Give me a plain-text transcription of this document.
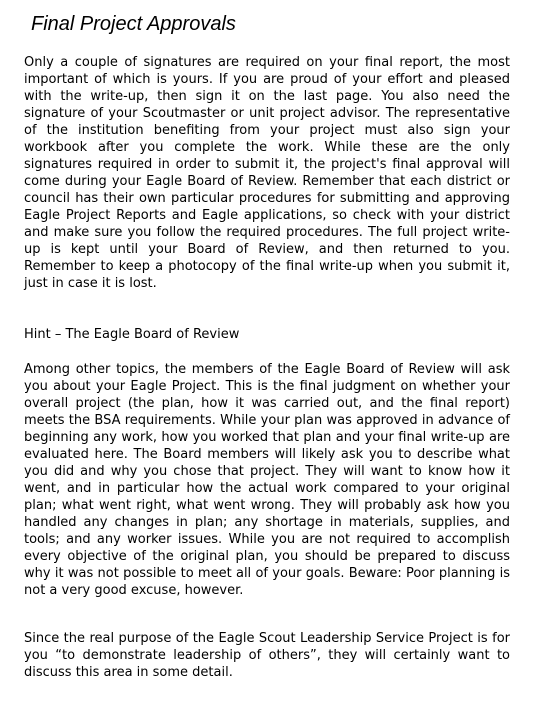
Final Project Approvals

Only a couple of signatures are required on your final report, the most important of which is yours. If you are proud of your effort and pleased with the write-up, then sign it on the last page. You also need the signature of your Scoutmaster or unit project advisor. The representative of the institution benefiting from your project must also sign your workbook after you complete the work. While these are the only signatures required in order to submit it, the project's final approval will come during your Eagle Board of Review. Remember that each district or council has their own particular procedures for submitting and approving Eagle Project Reports and Eagle applications, so check with your district and make sure you follow the required procedures. The full project write-up is kept until your Board of Review, and then returned to you. Remember to keep a photocopy of the final write-up when you submit it, just in case it is lost.

Hint – The Eagle Board of Review

Among other topics, the members of the Eagle Board of Review will ask you about your Eagle Project. This is the final judgment on whether your overall project (the plan, how it was carried out, and the final report) meets the BSA requirements. While your plan was approved in advance of beginning any work, how you worked that plan and your final write-up are evaluated here. The Board members will likely ask you to describe what you did and why you chose that project. They will want to know how it went, and in particular how the actual work compared to your original plan; what went right, what went wrong. They will probably ask how you handled any changes in plan; any shortage in materials, supplies, and tools; and any worker issues. While you are not required to accomplish every objective of the original plan, you should be prepared to discuss why it was not possible to meet all of your goals. Beware: Poor planning is not a very good excuse, however.

Since the real purpose of the Eagle Scout Leadership Service Project is for you “to demonstrate leadership of others”, they will certainly want to discuss this area in some detail.
